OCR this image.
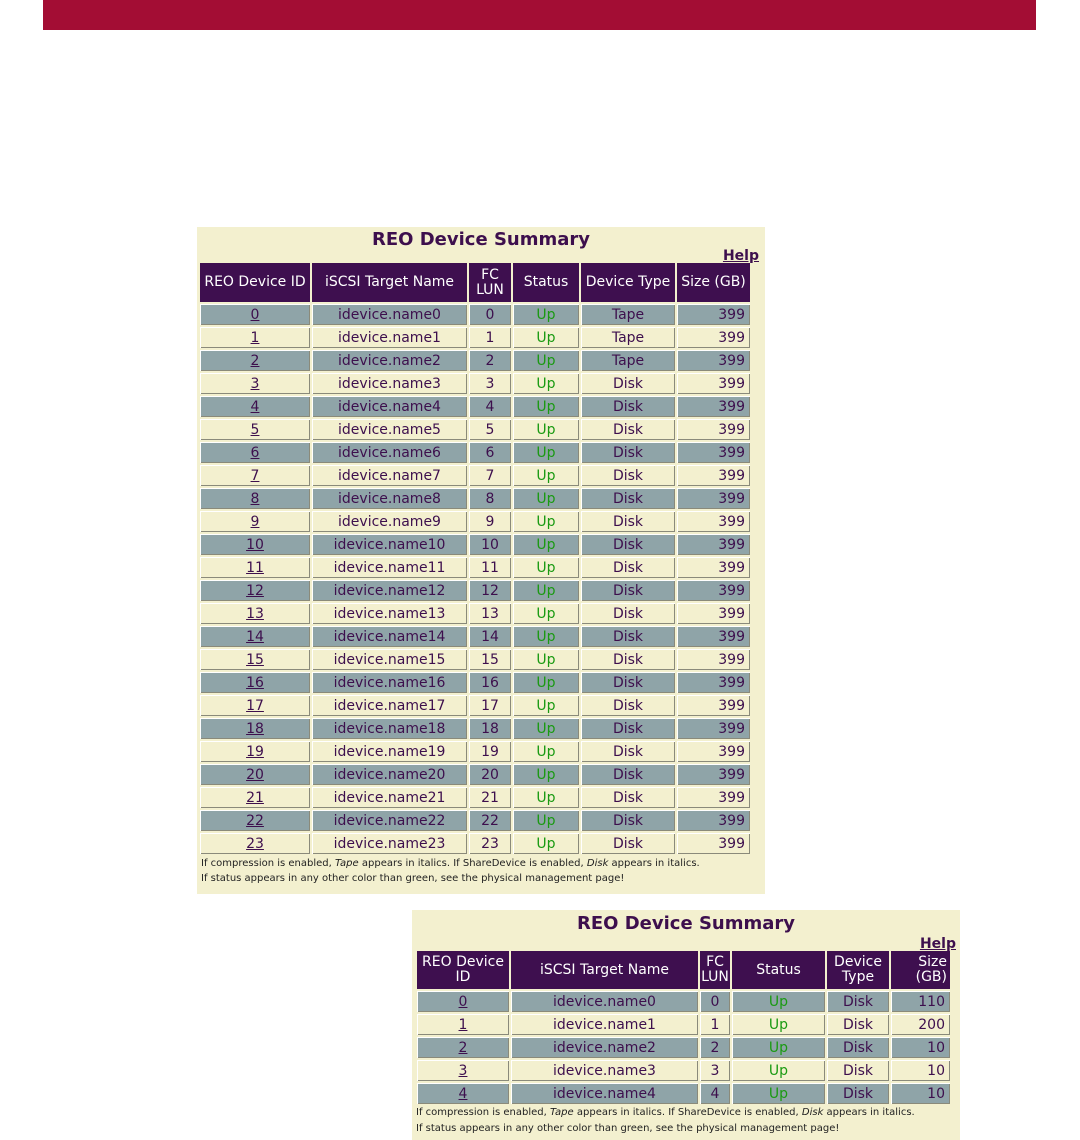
REO Device Summary
Help
REO Device ID	iSCSI Target Name	FC LUN	Status	Device Type	Size (GB)
0	idevice.name0	0	Up	Tape	399
1	idevice.name1	1	Up	Tape	399
2	idevice.name2	2	Up	Tape	399
3	idevice.name3	3	Up	Disk	399
4	idevice.name4	4	Up	Disk	399
5	idevice.name5	5	Up	Disk	399
6	idevice.name6	6	Up	Disk	399
7	idevice.name7	7	Up	Disk	399
8	idevice.name8	8	Up	Disk	399
9	idevice.name9	9	Up	Disk	399
10	idevice.name10	10	Up	Disk	399
11	idevice.name11	11	Up	Disk	399
12	idevice.name12	12	Up	Disk	399
13	idevice.name13	13	Up	Disk	399
14	idevice.name14	14	Up	Disk	399
15	idevice.name15	15	Up	Disk	399
16	idevice.name16	16	Up	Disk	399
17	idevice.name17	17	Up	Disk	399
18	idevice.name18	18	Up	Disk	399
19	idevice.name19	19	Up	Disk	399
20	idevice.name20	20	Up	Disk	399
21	idevice.name21	21	Up	Disk	399
22	idevice.name22	22	Up	Disk	399
23	idevice.name23	23	Up	Disk	399
If compression is enabled, Tape appears in italics. If ShareDevice is enabled, Disk appears in italics.
If status appears in any other color than green, see the physical management page!
REO Device Summary
Help
REO Device ID	iSCSI Target Name	FC LUN	Status	Device Type	Size (GB)
0	idevice.name0	0	Up	Disk	110
1	idevice.name1	1	Up	Disk	200
2	idevice.name2	2	Up	Disk	10
3	idevice.name3	3	Up	Disk	10
4	idevice.name4	4	Up	Disk	10
If compression is enabled, Tape appears in italics. If ShareDevice is enabled, Disk appears in italics.
If status appears in any other color than green, see the physical management page!
